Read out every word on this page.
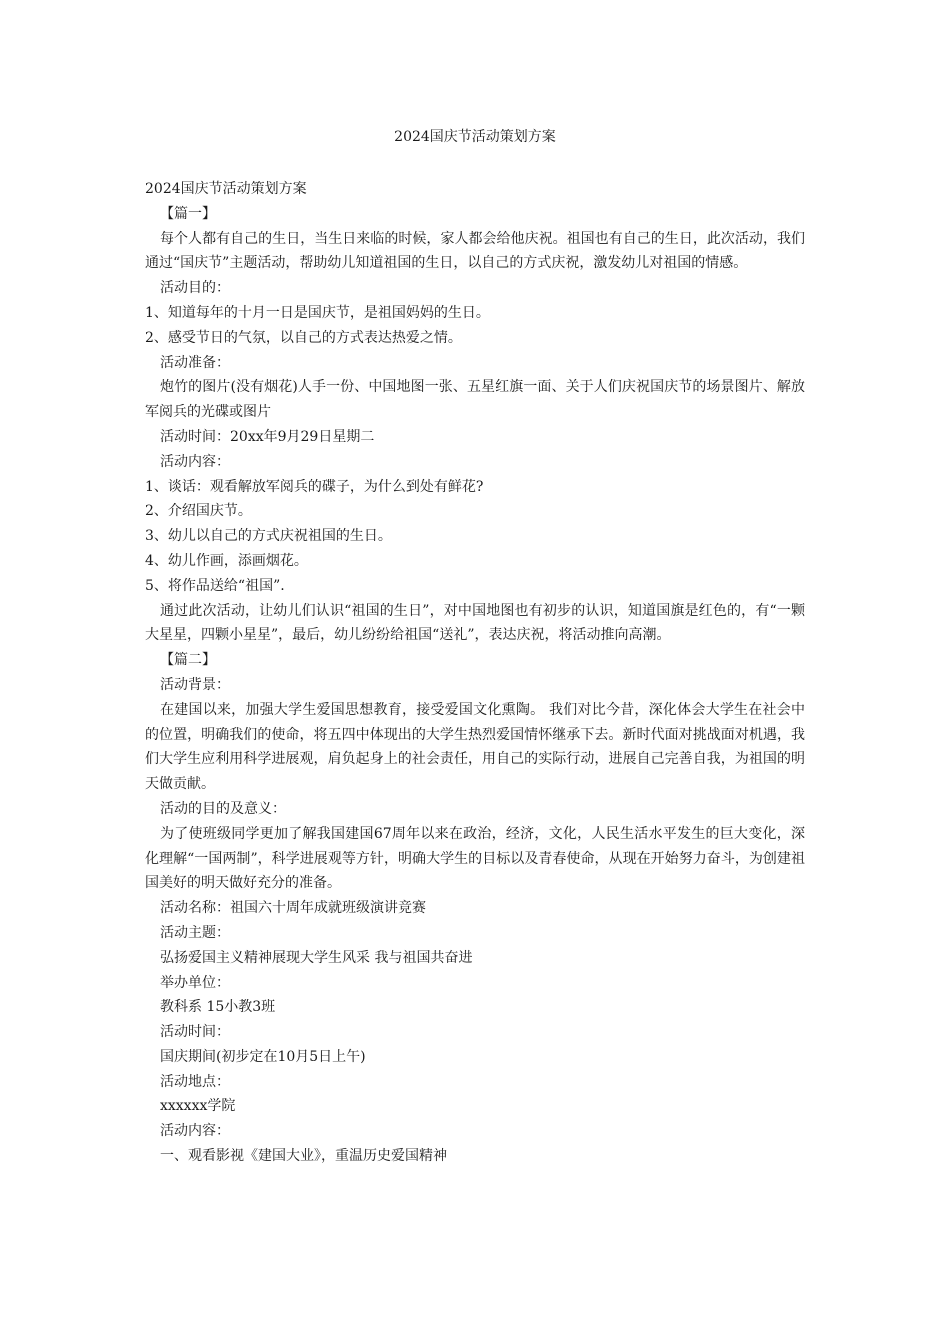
2024国庆节活动策划方案

2024国庆节活动策划方案

【篇一】

每个人都有自己的生日，当生日来临的时候，家人都会给他庆祝。祖国也有自己的生日，此次活动，我们通过“国庆节”主题活动，帮助幼儿知道祖国的生日，以自己的方式庆祝，激发幼儿对祖国的情感。

活动目的：

1、知道每年的十月一日是国庆节，是祖国妈妈的生日。

2、感受节日的气氛，以自己的方式表达热爱之情。

活动准备：

炮竹的图片(没有烟花)人手一份、中国地图一张、五星红旗一面、关于人们庆祝国庆节的场景图片、解放军阅兵的光碟或图片

活动时间：20xx年9月29日星期二

活动内容：

1、谈话：观看解放军阅兵的碟子，为什么到处有鲜花?

2、介绍国庆节。

3、幼儿以自己的方式庆祝祖国的生日。

4、幼儿作画，添画烟花。

5、将作品送给“祖国”.

通过此次活动，让幼儿们认识“祖国的生日”，对中国地图也有初步的认识，知道国旗是红色的，有“一颗大星星，四颗小星星”，最后，幼儿纷纷给祖国“送礼”，表达庆祝，将活动推向高潮。

【篇二】

活动背景：

在建国以来，加强大学生爱国思想教育，接受爱国文化熏陶。 我们对比今昔，深化体会大学生在社会中的位置，明确我们的使命，将五四中体现出的大学生热烈爱国情怀继承下去。新时代面对挑战面对机遇，我们大学生应利用科学进展观，肩负起身上的社会责任，用自己的实际行动，进展自己完善自我，为祖国的明天做贡献。

活动的目的及意义：

为了使班级同学更加了解我国建国67周年以来在政治，经济，文化，人民生活水平发生的巨大变化，深化理解“一国两制”，科学进展观等方针，明确大学生的目标以及青春使命，从现在开始努力奋斗，为创建祖国美好的明天做好充分的准备。

活动名称：祖国六十周年成就班级演讲竞赛

活动主题：

弘扬爱国主义精神展现大学生风采 我与祖国共奋进

举办单位：

教科系 15小教3班

活动时间：

国庆期间(初步定在10月5日上午)

活动地点：

xxxxxx学院

活动内容：

一、观看影视《建国大业》，重温历史爱国精神
